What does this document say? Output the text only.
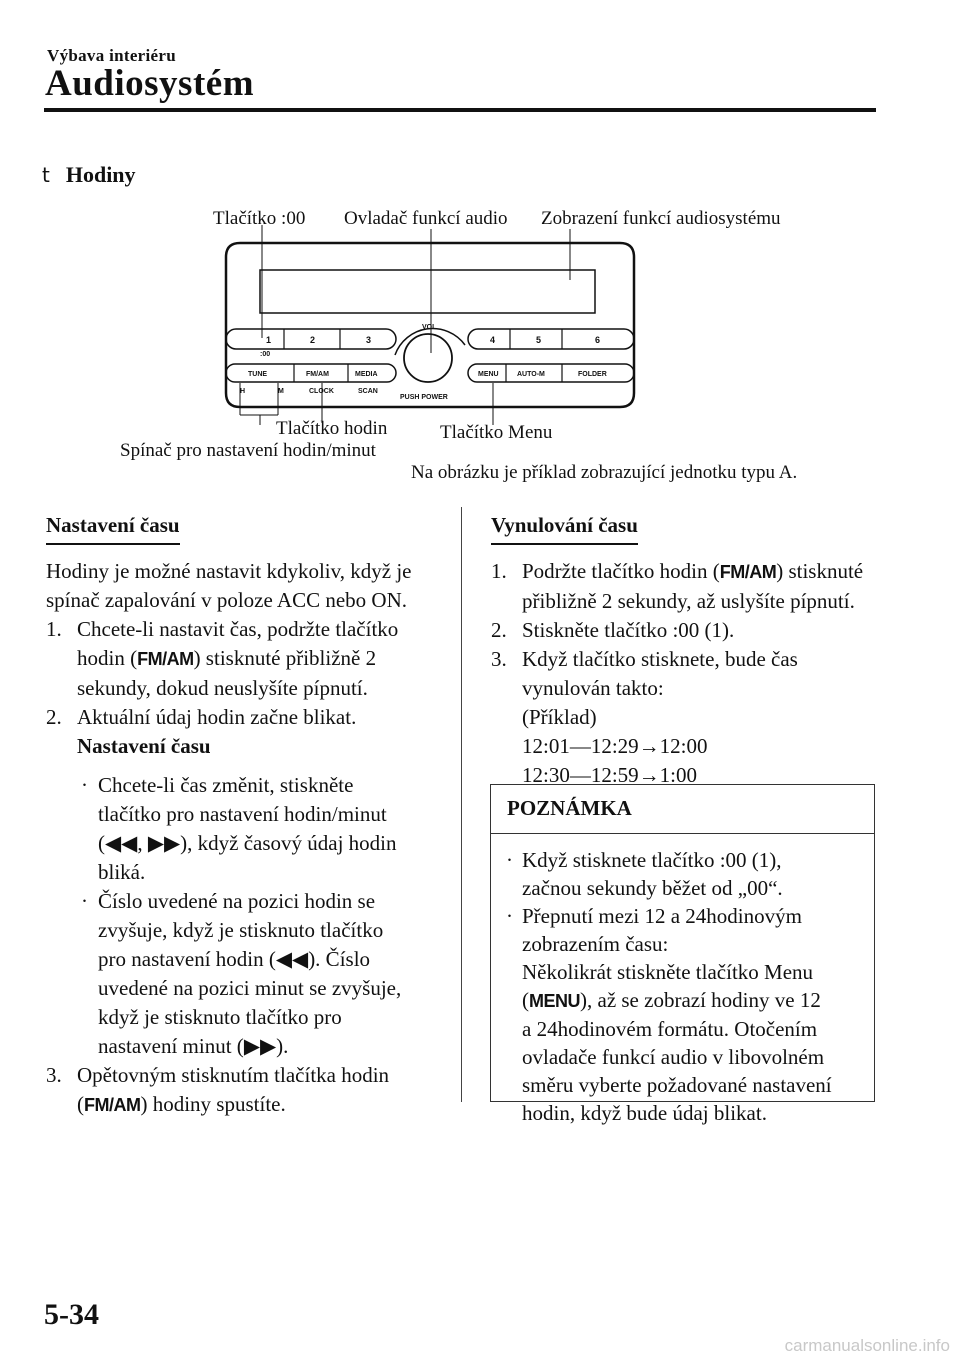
Výbava interiéru
Audiosystém
t Hodiny
Tlačítko :00 Ovladač funkcí audio Zobrazení funkcí audiosystému
Tlačítko hodin
Spínač pro nastavení hodin/minut
Tlačítko Menu
Na obrázku je příklad zobrazující jednotku typu A.
1	2	3	4	5	6
:00
VOL
TUNE	FM/AM	MEDIA	MENU	AUTO-M	FOLDER
H	M	CLOCK	SCAN
PUSH POWER
Nastavení času

Hodiny je možné nastavit kdykoliv, když je

spínač zapalování v poloze ACC nebo ON.

1. Chcete-li nastavit čas, podržte tlačítko

hodin (FM/AM) stisknuté přibližně 2

sekundy, dokud neuslyšíte pípnutí.

2. Aktuální údaj hodin začne blikat.

Nastavení času

· Chcete-li čas změnit, stiskněte

tlačítko pro nastavení hodin/minut

(◀◀, ▶▶), když časový údaj hodin

bliká.

· Číslo uvedené na pozici hodin se

zvyšuje, když je stisknuto tlačítko

pro nastavení hodin (◀◀). Číslo

uvedené na pozici minut se zvyšuje,

když je stisknuto tlačítko pro

nastavení minut (▶▶).

3. Opětovným stisknutím tlačítka hodin

(FM/AM) hodiny spustíte.

Vynulování času
1. Podržte tlačítko hodin (FM/AM) stisknuté

přibližně 2 sekundy, až uslyšíte pípnutí.

2. Stiskněte tlačítko :00 (1).

3. Když tlačítko stisknete, bude čas

vynulován takto:

(Příklad)

12:01—12:29→12:00

12:30—12:59→1:00

POZNÁMKA
· Když stisknete tlačítko :00 (1),

začnou sekundy běžet od „00“.

· Přepnutí mezi 12 a 24hodinovým

zobrazením času:

Několikrát stiskněte tlačítko Menu

(MENU), až se zobrazí hodiny ve 12

a 24hodinovém formátu. Otočením

ovladače funkcí audio v libovolném

směru vyberte požadované nastavení

hodin, když bude údaj blikat.

5-34
carmanualsonline.info
